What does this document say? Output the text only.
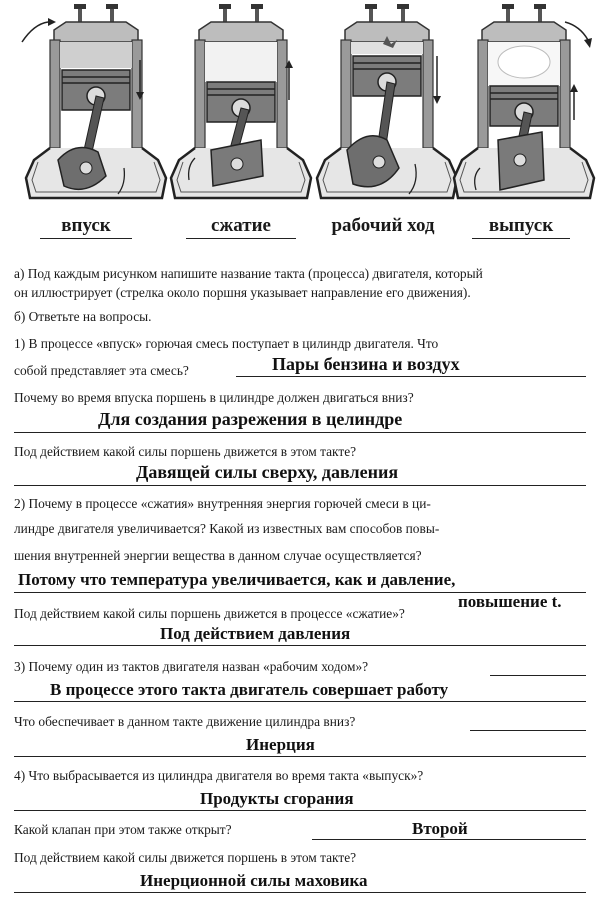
впуск	сжатие	рабочий ход	выпуск
а) Под каждым рисунком напишите название такта (процесса) двигателя, который
он иллюстрирует (стрелка около поршня указывает направление его движения).
б) Ответьте на вопросы.
1) В процессе «впуск» горючая смесь поступает в цилиндр двигателя. Что
собой представляет эта смесь?	Пары бензина и воздух
Почему во время впуска поршень в цилиндре должен двигаться вниз?
Для создания разрежения в целиндре
Под действием какой силы поршень движется в этом такте?
Давящей силы сверху, давления
2) Почему в процессе «сжатия» внутренняя энергия горючей смеси в ци-
линдре двигателя увеличивается? Какой из известных вам способов повы-
шения внутренней энергии вещества в данном случае осуществляется?
Потому что температура увеличивается, как и давление,
повышение t.
Под действием какой силы поршень движется в процессе «сжатие»?
Под действием давления
3) Почему один из тактов двигателя назван «рабочим ходом»?
В процессе этого такта двигатель совершает работу
Что обеспечивает в данном такте движение цилиндра вниз?
Инерция
4) Что выбрасывается из цилиндра двигателя во время такта «выпуск»?
Продукты сгорания
Какой клапан при этом также открыт?	Второй
Под действием какой силы движется поршень в этом такте?
Инерционной силы маховика
